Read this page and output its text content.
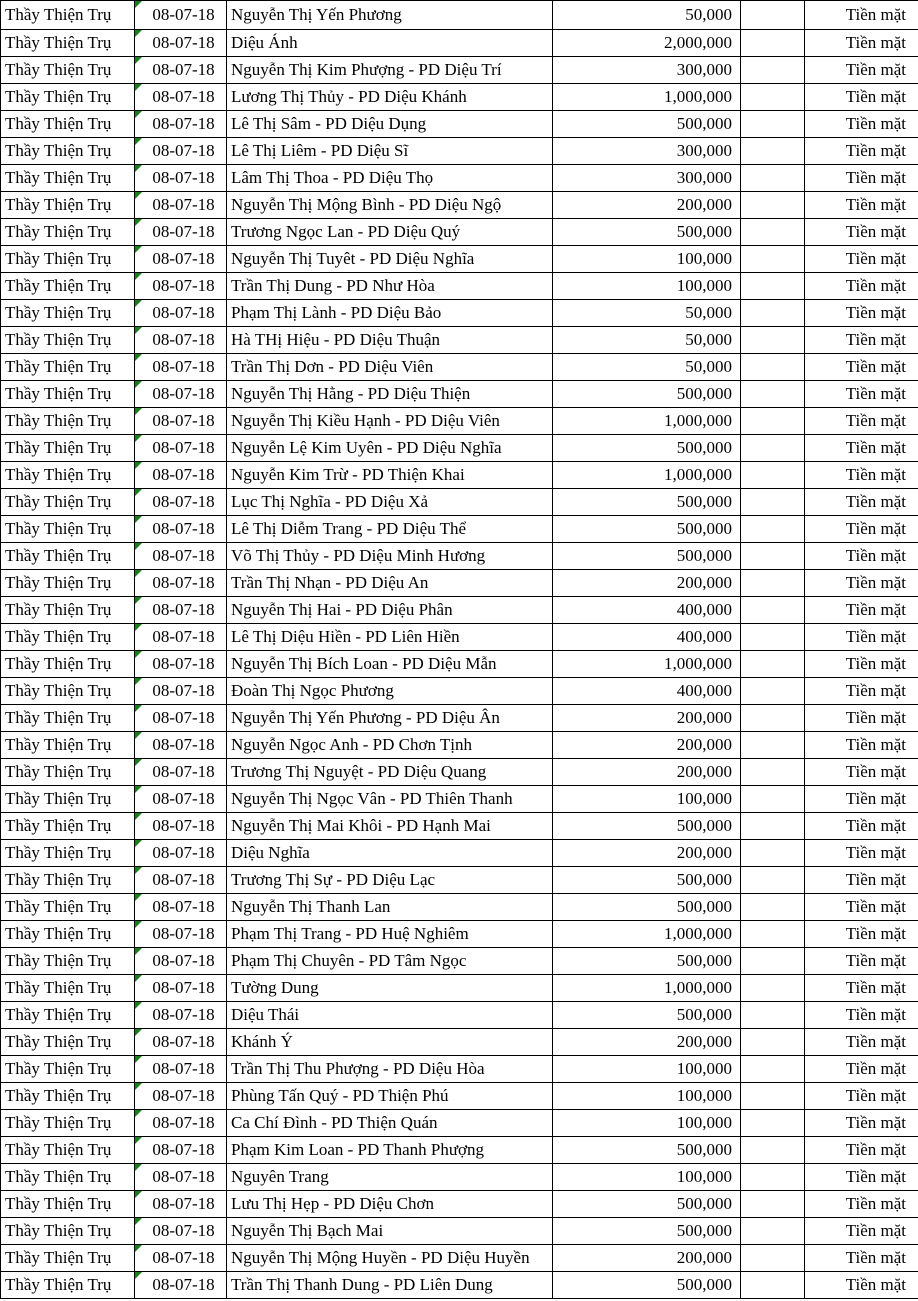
Thầy Thiện Trụ	08-07-18	Nguyễn Thị Yến Phương	50,000		Tiền mặt
Thầy Thiện Trụ	08-07-18	Diệu Ánh	2,000,000		Tiền mặt
Thầy Thiện Trụ	08-07-18	Nguyễn Thị Kim Phượng - PD Diệu Trí	300,000		Tiền mặt
Thầy Thiện Trụ	08-07-18	Lương Thị Thủy - PD Diệu Khánh	1,000,000		Tiền mặt
Thầy Thiện Trụ	08-07-18	Lê Thị Sâm - PD Diệu Dụng	500,000		Tiền mặt
Thầy Thiện Trụ	08-07-18	Lê Thị Liêm - PD Diệu Sĩ	300,000		Tiền mặt
Thầy Thiện Trụ	08-07-18	Lâm Thị Thoa - PD Diệu Thọ	300,000		Tiền mặt
Thầy Thiện Trụ	08-07-18	Nguyễn Thị Mộng Bình - PD Diệu Ngộ	200,000		Tiền mặt
Thầy Thiện Trụ	08-07-18	Trương Ngọc Lan - PD Diệu Quý	500,000		Tiền mặt
Thầy Thiện Trụ	08-07-18	Nguyễn Thị Tuyêt - PD Diệu Nghĩa	100,000		Tiền mặt
Thầy Thiện Trụ	08-07-18	Trần Thị Dung - PD Như Hòa	100,000		Tiền mặt
Thầy Thiện Trụ	08-07-18	Phạm Thị Lành - PD Diệu Bảo	50,000		Tiền mặt
Thầy Thiện Trụ	08-07-18	Hà THị Hiệu - PD Diệu Thuận	50,000		Tiền mặt
Thầy Thiện Trụ	08-07-18	Trần Thị Dơn - PD Diệu Viên	50,000		Tiền mặt
Thầy Thiện Trụ	08-07-18	Nguyễn Thị Hằng - PD Diệu Thiện	500,000		Tiền mặt
Thầy Thiện Trụ	08-07-18	Nguyễn Thị Kiều Hạnh - PD Diệu Viên	1,000,000		Tiền mặt
Thầy Thiện Trụ	08-07-18	Nguyễn Lệ Kim Uyên - PD Diệu Nghĩa	500,000		Tiền mặt
Thầy Thiện Trụ	08-07-18	Nguyễn Kim Trừ - PD Thiện Khai	1,000,000		Tiền mặt
Thầy Thiện Trụ	08-07-18	Lục Thị Nghĩa - PD Diệu Xả	500,000		Tiền mặt
Thầy Thiện Trụ	08-07-18	Lê Thị Diễm Trang - PD Diệu Thể	500,000		Tiền mặt
Thầy Thiện Trụ	08-07-18	Võ Thị Thủy - PD Diệu Minh Hương	500,000		Tiền mặt
Thầy Thiện Trụ	08-07-18	Trần Thị Nhạn - PD Diệu An	200,000		Tiền mặt
Thầy Thiện Trụ	08-07-18	Nguyễn Thị Hai - PD Diệu Phân	400,000		Tiền mặt
Thầy Thiện Trụ	08-07-18	Lê Thị Diệu Hiền - PD Liên Hiền	400,000		Tiền mặt
Thầy Thiện Trụ	08-07-18	Nguyễn Thị Bích Loan - PD Diệu Mẫn	1,000,000		Tiền mặt
Thầy Thiện Trụ	08-07-18	Đoàn Thị Ngọc Phương	400,000		Tiền mặt
Thầy Thiện Trụ	08-07-18	Nguyễn Thị Yến Phương - PD Diệu Ân	200,000		Tiền mặt
Thầy Thiện Trụ	08-07-18	Nguyễn Ngọc Anh - PD Chơn Tịnh	200,000		Tiền mặt
Thầy Thiện Trụ	08-07-18	Trương Thị Nguyệt - PD Diệu Quang	200,000		Tiền mặt
Thầy Thiện Trụ	08-07-18	Nguyễn Thị Ngọc Vân - PD Thiên Thanh	100,000		Tiền mặt
Thầy Thiện Trụ	08-07-18	Nguyễn Thị Mai Khôi - PD Hạnh Mai	500,000		Tiền mặt
Thầy Thiện Trụ	08-07-18	Diệu Nghĩa	200,000		Tiền mặt
Thầy Thiện Trụ	08-07-18	Trương Thị Sự - PD Diệu Lạc	500,000		Tiền mặt
Thầy Thiện Trụ	08-07-18	Nguyễn Thị Thanh Lan	500,000		Tiền mặt
Thầy Thiện Trụ	08-07-18	Phạm Thị Trang - PD Huệ Nghiêm	1,000,000		Tiền mặt
Thầy Thiện Trụ	08-07-18	Phạm Thị Chuyên - PD Tâm Ngọc	500,000		Tiền mặt
Thầy Thiện Trụ	08-07-18	Tường Dung	1,000,000		Tiền mặt
Thầy Thiện Trụ	08-07-18	Diệu Thái	500,000		Tiền mặt
Thầy Thiện Trụ	08-07-18	Khánh Ý	200,000		Tiền mặt
Thầy Thiện Trụ	08-07-18	Trần Thị Thu Phượng - PD Diệu Hòa	100,000		Tiền mặt
Thầy Thiện Trụ	08-07-18	Phùng Tấn Quý - PD Thiện Phú	100,000		Tiền mặt
Thầy Thiện Trụ	08-07-18	Ca Chí Đình - PD Thiện Quán	100,000		Tiền mặt
Thầy Thiện Trụ	08-07-18	Phạm Kim Loan - PD Thanh Phượng	500,000		Tiền mặt
Thầy Thiện Trụ	08-07-18	Nguyên Trang	100,000		Tiền mặt
Thầy Thiện Trụ	08-07-18	Lưu Thị Hẹp - PD Diệu Chơn	500,000		Tiền mặt
Thầy Thiện Trụ	08-07-18	Nguyễn Thị Bạch Mai	500,000		Tiền mặt
Thầy Thiện Trụ	08-07-18	Nguyễn Thị Mộng Huyền - PD Diệu Huyền	200,000		Tiền mặt
Thầy Thiện Trụ	08-07-18	Trần Thị Thanh Dung - PD Liên Dung	500,000		Tiền mặt
